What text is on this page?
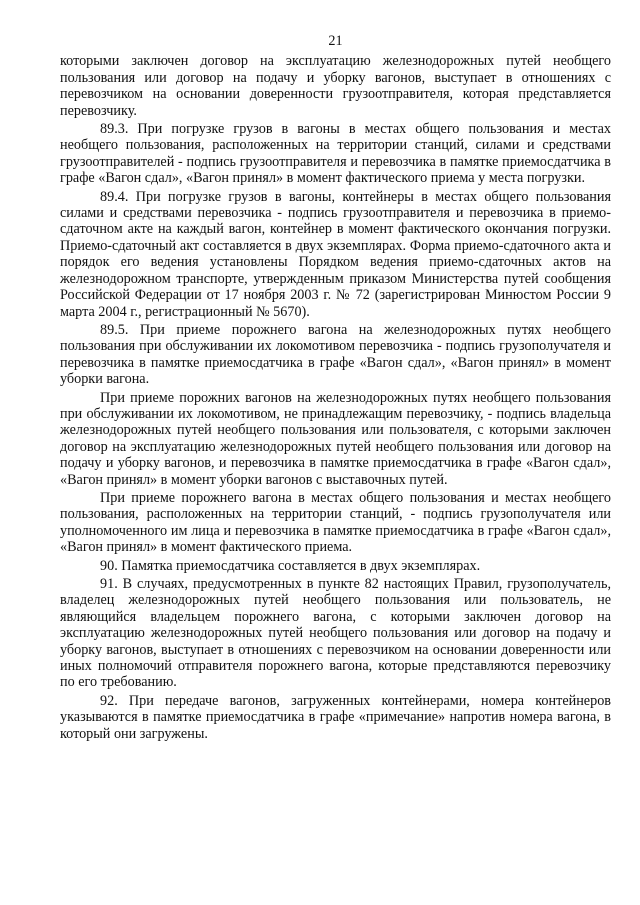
21

которыми заключен договор на эксплуатацию железнодорожных путей необщего пользования или договор на подачу и уборку вагонов, выступает в отношениях с перевозчиком на основании доверенности грузоотправителя, которая представляется перевозчику.

89.3. При погрузке грузов в вагоны в местах общего пользования и местах необщего пользования, расположенных на территории станций, силами и средствами грузоотправителей - подпись грузоотправителя и перевозчика в памятке приемосдатчика в графе «Вагон сдал», «Вагон принял» в момент фактического приема у места погрузки.

89.4. При погрузке грузов в вагоны, контейнеры в местах общего пользования силами и средствами перевозчика - подпись грузоотправителя и перевозчика в приемо-сдаточном акте на каждый вагон, контейнер в момент фактического окончания погрузки. Приемо-сдаточный акт составляется в двух экземплярах. Форма приемо-сдаточного акта и порядок его ведения установлены Порядком ведения приемо-сдаточных актов на железнодорожном транспорте, утвержденным приказом Министерства путей сообщения Российской Федерации от 17 ноября 2003 г. № 72 (зарегистрирован Минюстом России 9 марта 2004 г., регистрационный № 5670).

89.5. При приеме порожнего вагона на железнодорожных путях необщего пользования при обслуживании их локомотивом перевозчика - подпись грузополучателя и перевозчика в памятке приемосдатчика в графе «Вагон сдал», «Вагон принял» в момент уборки вагона.

При приеме порожних вагонов на железнодорожных путях необщего пользования при обслуживании их локомотивом, не принадлежащим перевозчику, - подпись владельца железнодорожных путей необщего пользования или пользователя, с которыми заключен договор на эксплуатацию железнодорожных путей необщего пользования или договор на подачу и уборку вагонов, и перевозчика в памятке приемосдатчика в графе «Вагон сдал», «Вагон принял» в момент уборки вагонов с выставочных путей.

При приеме порожнего вагона в местах общего пользования и местах необщего пользования, расположенных на территории станций, - подпись грузополучателя или уполномоченного им лица и перевозчика в памятке приемосдатчика в графе «Вагон сдал», «Вагон принял» в момент фактического приема.

90. Памятка приемосдатчика составляется в двух экземплярах.

91. В случаях, предусмотренных в пункте 82 настоящих Правил, грузополучатель, владелец железнодорожных путей необщего пользования или пользователь, не являющийся владельцем порожнего вагона, с которыми заключен договор на эксплуатацию железнодорожных путей необщего пользования или договор на подачу и уборку вагонов, выступает в отношениях с перевозчиком на основании доверенности или иных полномочий отправителя порожнего вагона, которые представляются перевозчику по его требованию.

92. При передаче вагонов, загруженных контейнерами, номера контейнеров указываются в памятке приемосдатчика в графе «примечание» напротив номера вагона, в который они загружены.
